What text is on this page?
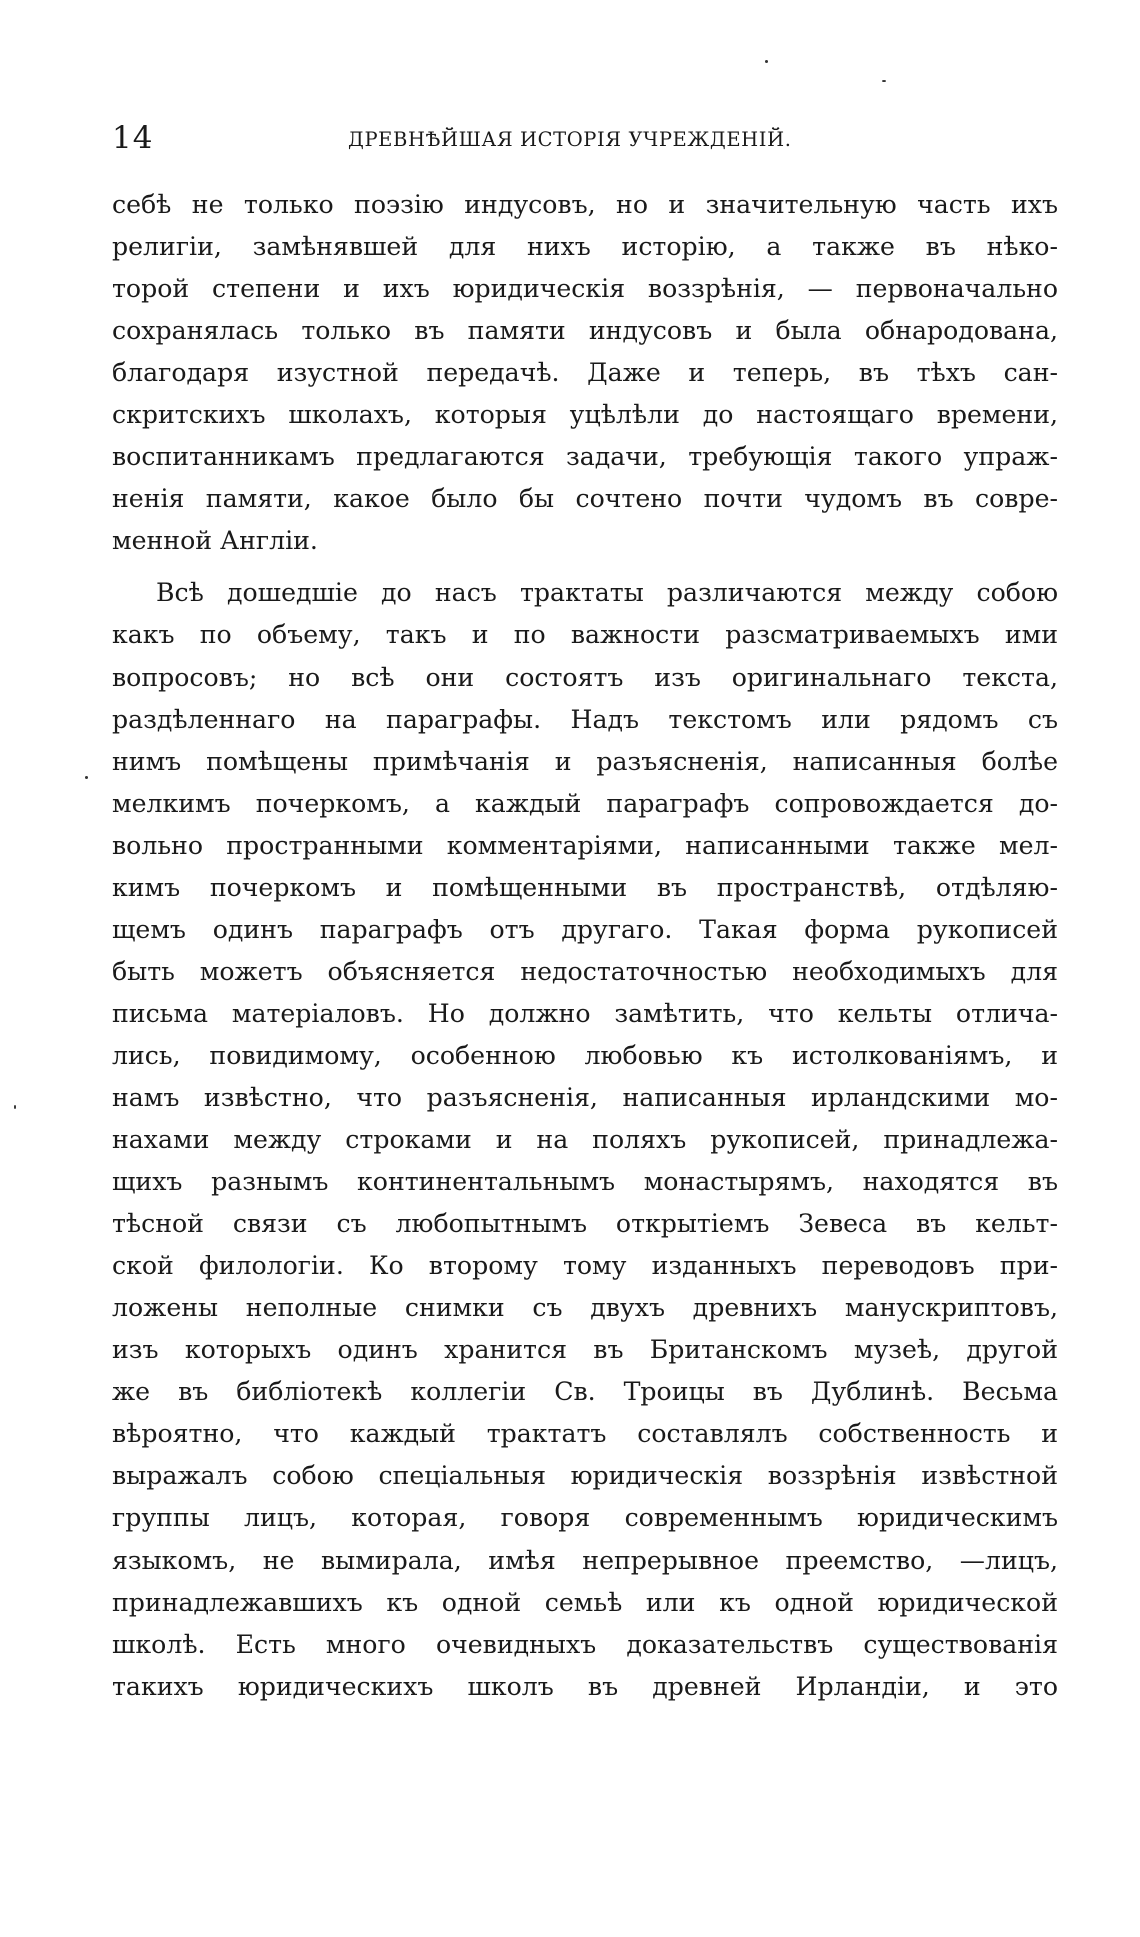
14	ДРЕВНѢЙШАЯ ИСТОРІЯ УЧРЕЖДЕНІЙ.
себѣ не только поэзію индусовъ, но и значительную часть ихъ
религіи, замѣнявшей для нихъ исторію, а также въ нѣко-
торой степени и ихъ юридическія воззрѣнія, — первоначально
сохранялась только въ памяти индусовъ и была обнародована,
благодаря изустной передачѣ. Даже и теперь, въ тѣхъ сан-
скритскихъ школахъ, которыя уцѣлѣли до настоящаго времени,
воспитанникамъ предлагаются задачи, требующія такого упраж-
ненія памяти, какое было бы сочтено почти чудомъ въ совре-
менной Англіи.
Всѣ дошедшіе до насъ трактаты различаются между собою
какъ по объему, такъ и по важности разсматриваемыхъ ими
вопросовъ; но всѣ они состоятъ изъ оригинальнаго текста,
раздѣленнаго на параграфы. Надъ текстомъ или рядомъ съ
нимъ помѣщены примѣчанія и разъясненія, написанныя болѣе
мелкимъ почеркомъ, а каждый параграфъ сопровождается до-
вольно пространными комментаріями, написанными также мел-
кимъ почеркомъ и помѣщенными въ пространствѣ, отдѣляю-
щемъ одинъ параграфъ отъ другаго. Такая форма рукописей
быть можетъ объясняется недостаточностью необходимыхъ для
письма матеріаловъ. Но должно замѣтить, что кельты отлича-
лись, повидимому, особенною любовью къ истолкованіямъ, и
намъ извѣстно, что разъясненія, написанныя ирландскими мо-
нахами между строками и на поляхъ рукописей, принадлежа-
щихъ разнымъ континентальнымъ монастырямъ, находятся въ
тѣсной связи съ любопытнымъ открытіемъ Зевеса въ кельт-
ской филологіи. Ко второму тому изданныхъ переводовъ при-
ложены неполные снимки съ двухъ древнихъ манускриптовъ,
изъ которыхъ одинъ хранится въ Британскомъ музеѣ, другой
же въ библіотекѣ коллегіи Св. Троицы въ Дублинѣ. Весьма
вѣроятно, что каждый трактатъ составлялъ собственность и
выражалъ собою спеціальныя юридическія воззрѣнія извѣстной
группы лицъ, которая, говоря современнымъ юридическимъ
языкомъ, не вымирала, имѣя непрерывное преемство, —лицъ,
принадлежавшихъ къ одной семьѣ или къ одной юридической
школѣ. Есть много очевидныхъ доказательствъ существованія
такихъ юридическихъ школъ въ древней Ирландіи, и это
